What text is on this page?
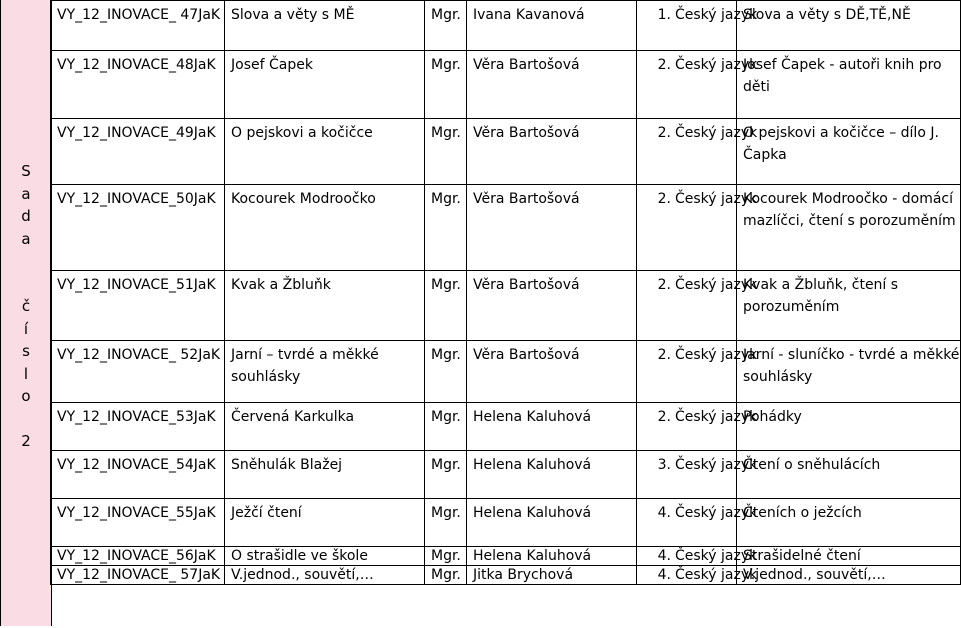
S
a
d
a
č
í
s
l
o
2
VY_12_INOVACE_ 47JaK	Slova a věty s MĚ	Mgr.	Ivana Kavanová	1. Český jazyk	Slova a věty s DĚ,TĚ,NĚ
VY_12_INOVACE_48JaK	Josef Čapek	Mgr.	Věra Bartošová	2. Český jazyk	Josef Čapek - autoři knih pro děti
VY_12_INOVACE_49JaK	O pejskovi a kočičce	Mgr.	Věra Bartošová	2. Český jazyk	O pejskovi a kočičce – dílo J. Čapka
VY_12_INOVACE_50JaK	Kocourek Modroočko	Mgr.	Věra Bartošová	2. Český jazyk	Kocourek Modroočko - domácí mazlíčci, čtení s porozuměním
VY_12_INOVACE_51JaK	Kvak a Žbluňk	Mgr.	Věra Bartošová	2. Český jazyk	Kvak a Žbluňk, čtení s porozuměním
VY_12_INOVACE_ 52JaK	Jarní – tvrdé a měkké souhlásky	Mgr.	Věra Bartošová	2. Český jazyk	Jarní - sluníčko - tvrdé a měkké souhlásky
VY_12_INOVACE_53JaK	Červená Karkulka	Mgr.	Helena Kaluhová	2. Český jazyk	Pohádky
VY_12_INOVACE_54JaK	Sněhulák Blažej	Mgr.	Helena Kaluhová	3. Český jazyk	Čtení o sněhulácích
VY_12_INOVACE_55JaK	Ježčí čtení	Mgr.	Helena Kaluhová	4. Český jazyk	Čteních o ježcích
VY_12_INOVACE_56JaK	O strašidle ve škole	Mgr.	Helena Kaluhová	4. Český jazyk	Strašidelné čtení
VY_12_INOVACE_ 57JaK	V.jednod., souvětí,…	Mgr.	Jitka Brychová	4. Český jazyk	V.jednod., souvětí,…
